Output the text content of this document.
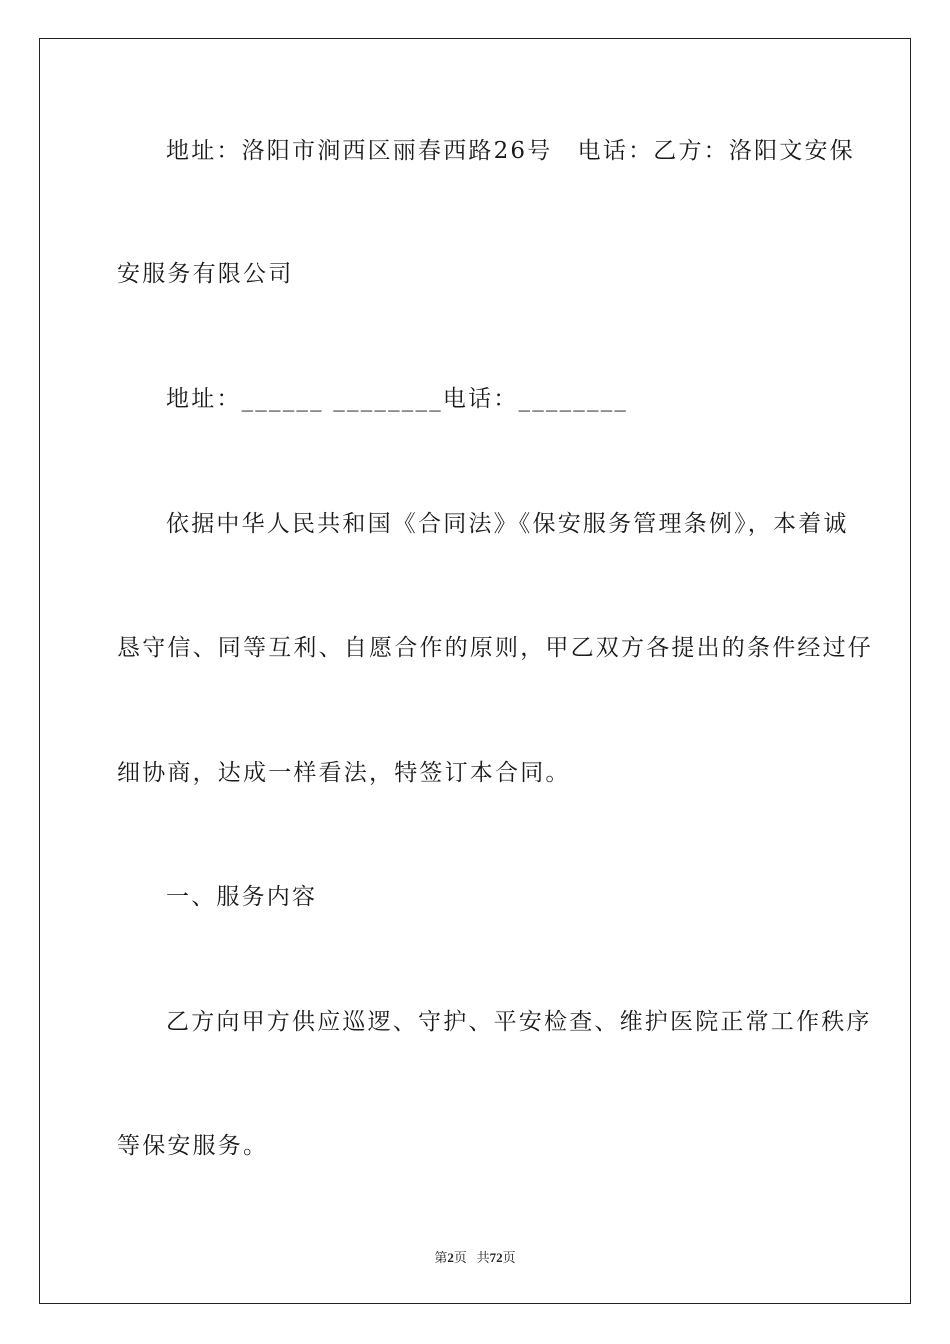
地址：洛阳市涧西区丽春西路26号　电话：乙方：洛阳文安保

安服务有限公司

地址：______ ________电话：________

依据中华人民共和国《合同法》《保安服务管理条例》，本着诚

恳守信、同等互利、自愿合作的原则，甲乙双方各提出的条件经过仔

细协商，达成一样看法，特签订本合同。

一、服务内容

乙方向甲方供应巡逻、守护、平安检查、维护医院正常工作秩序

等保安服务。

第2页 共72页
